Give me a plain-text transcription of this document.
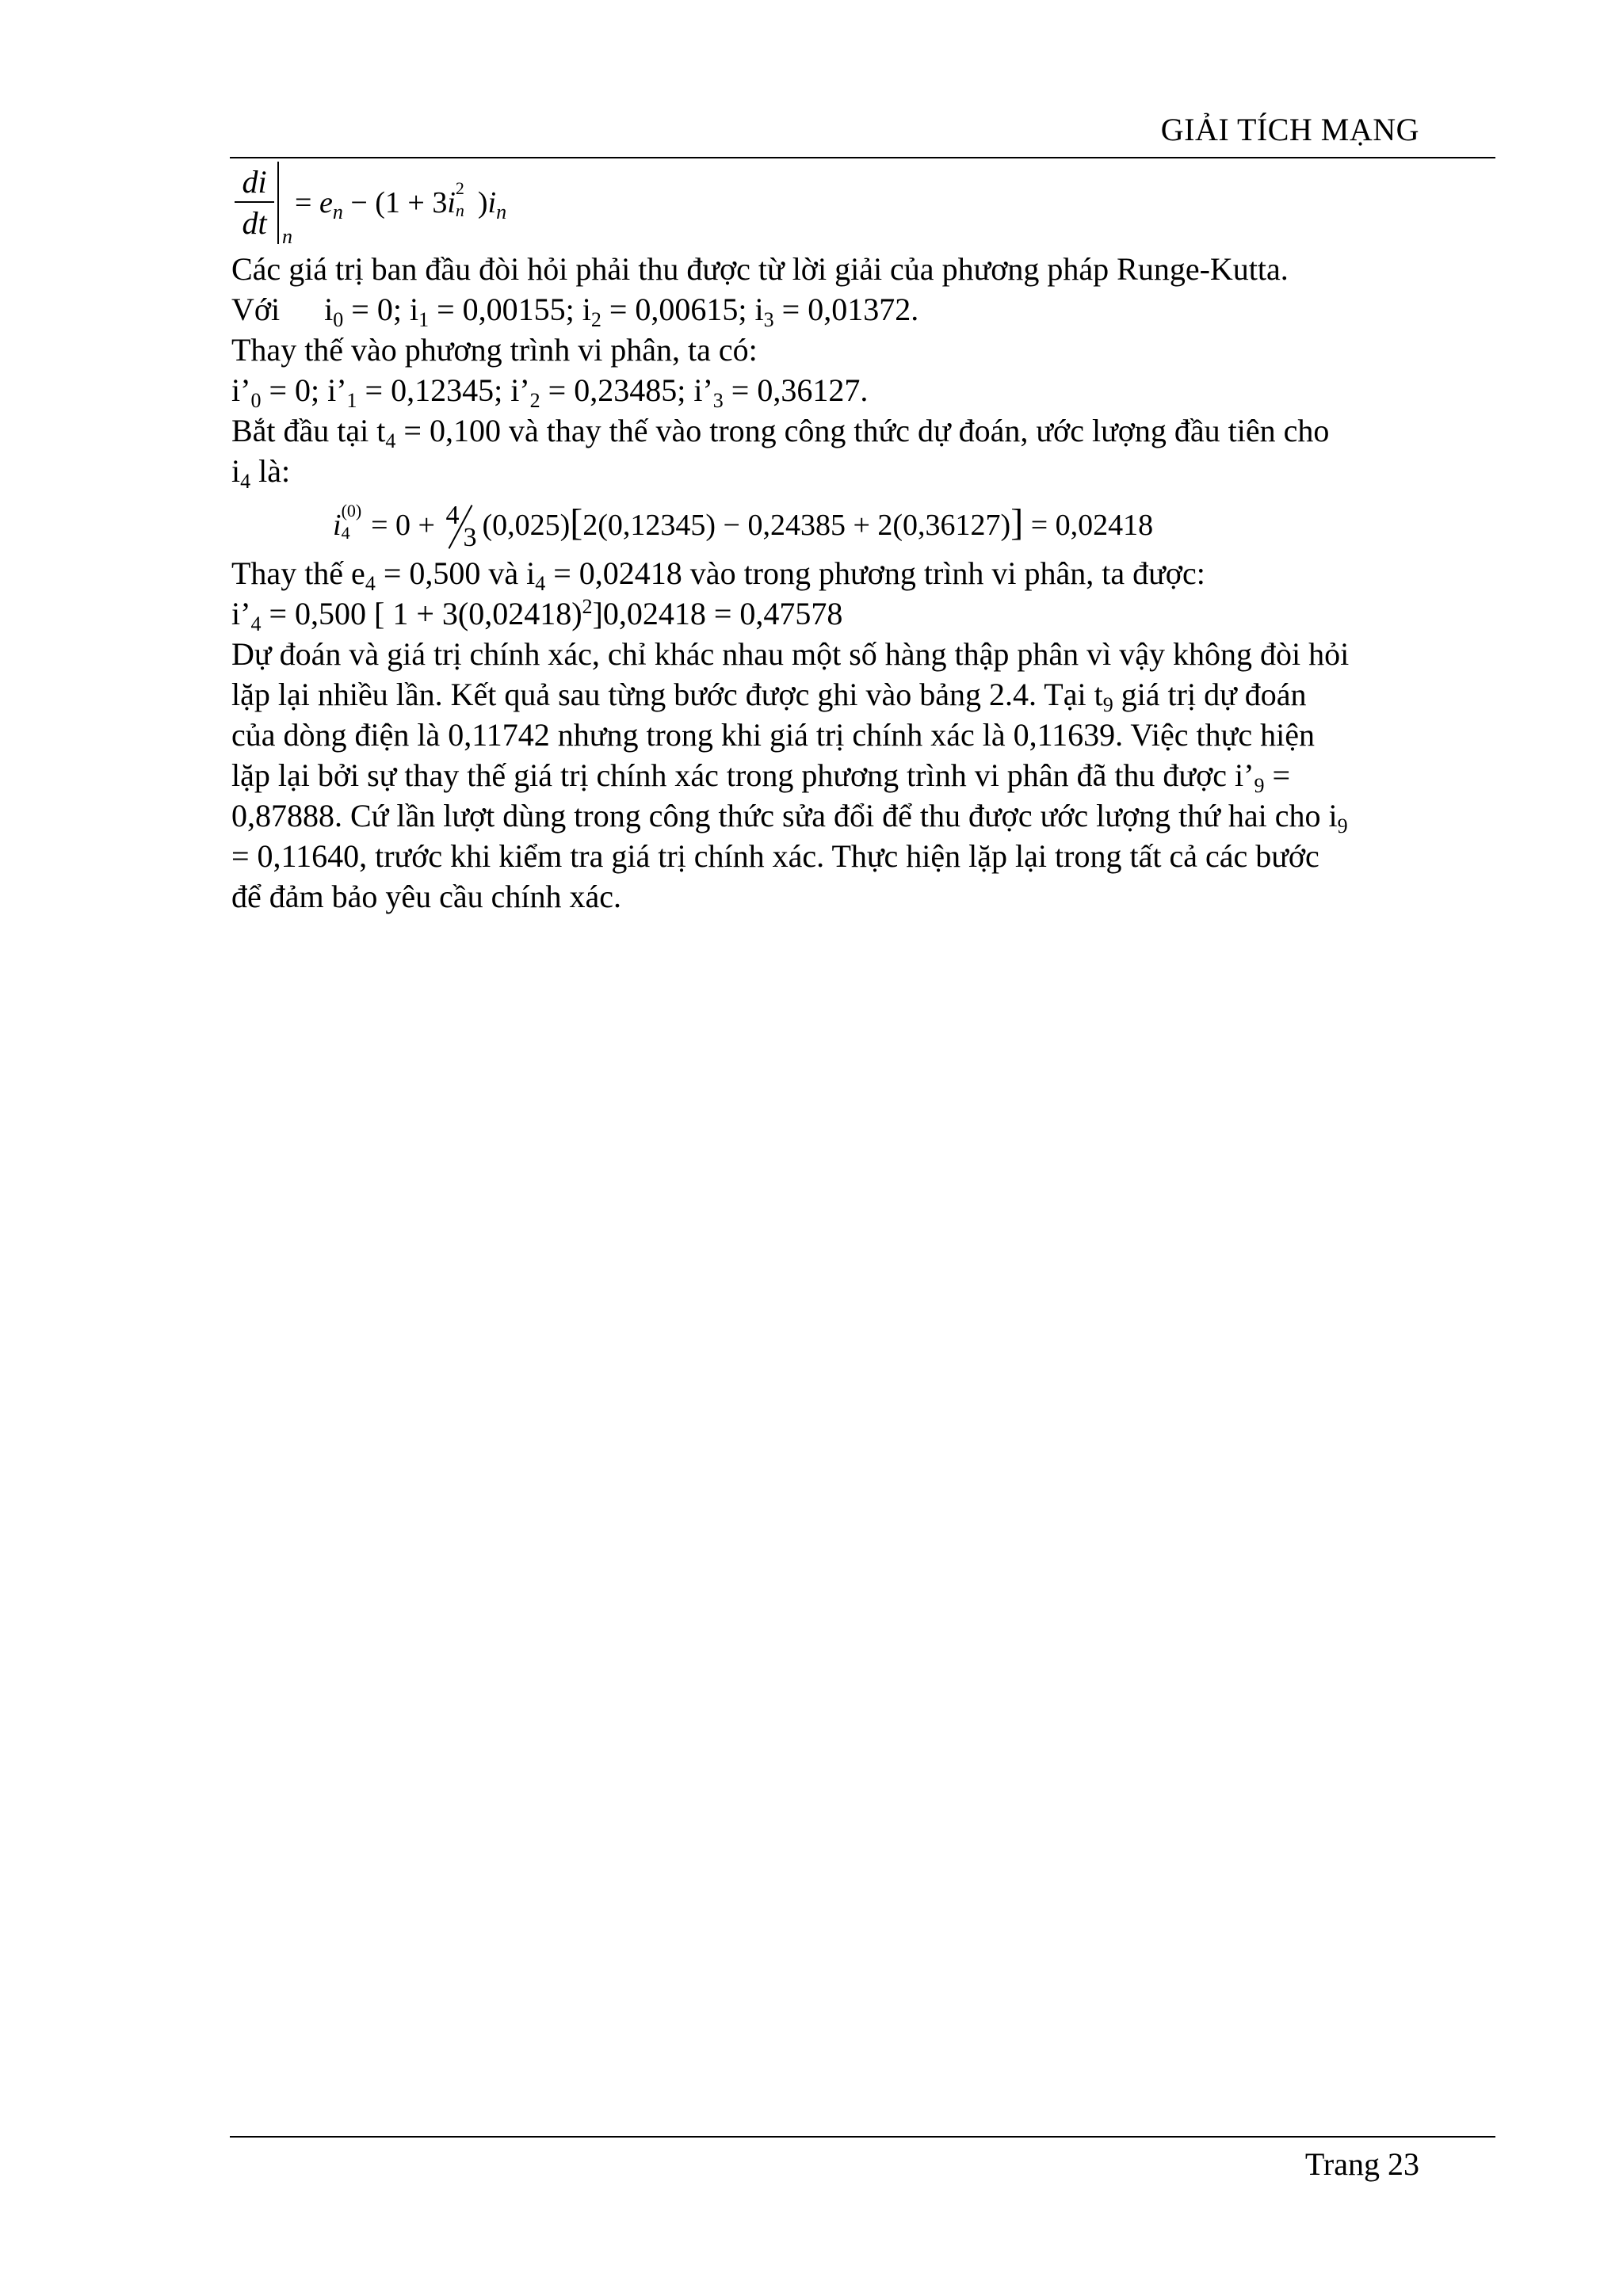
GIẢI TÍCH MẠNG
$\frac{di}{dt}$ n
= $e_n - (1 + 3i$ 2
n )$i_n$
Các giá trị ban đầu đòi hỏi phải thu được từ lời giải của phương pháp Runge-Kutta.
Với $i_0 = 0$; $i_1 = 0,00155$; $i_2 = 0,00615$; $i_3 = 0,01372$.
Thay thế vào phương trình vi phân, ta có:
$i’_0 = 0$; $i’_1 = 0,12345$; $i’_2 = 0,23485$; $i’_3 = 0,36127$.
Bắt đầu tại $t_4 = 0,100$ và thay thế vào trong công thức dự đoán, ước lượng đầu tiên cho
$i_4$ là:
i (0)
4 = 0 + 4
3 (0,025)[2(0,12345) − 0,24385 + 2(0,36127)] = 0,02418
Thay thế $e_4 = 0,500$ và $i_4 = 0,02418$ vào trong phương trình vi phân, ta được:
$i’_4 = 0,500$ [ $1 + 3(0,02418)^2]0,02418 = 0,47578$
Dự đoán và giá trị chính xác, chỉ khác nhau một số hàng thập phân vì vậy không đòi hỏi
lặp lại nhiều lần. Kết quả sau từng bước được ghi vào bảng 2.4. Tại $t_9$ giá trị dự đoán
của dòng điện là 0,11742 nhưng trong khi giá trị chính xác là 0,11639. Việc thực hiện
lặp lại bởi sự thay thế giá trị chính xác trong phương trình vi phân đã thu được $i’_9$ =
0,87888. Cứ lần lượt dùng trong công thức sửa đổi để thu được ước lượng thứ hai cho $i_9$
= 0,11640, trước khi kiểm tra giá trị chính xác. Thực hiện lặp lại trong tất cả các bước
để đảm bảo yêu cầu chính xác.
Trang 23
